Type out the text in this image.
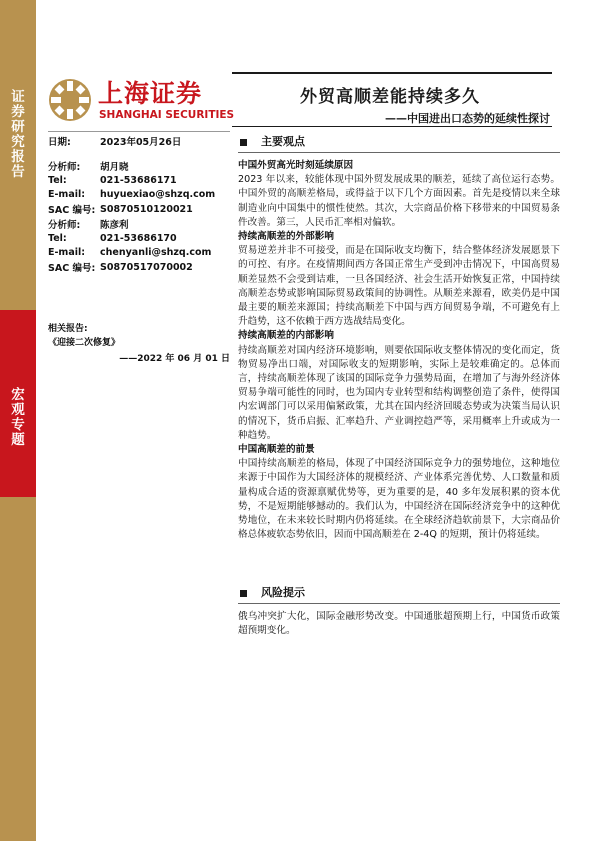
证券研究报告
宏观专题
上海证券
SHANGHAI SECURITIES
外贸高顺差能持续多久
——中国进出口态势的延续性探讨
日期:	2023年05月26日
分析师:	胡月晓
Tel:	021-53686171
E-mail:	huyuexiao@shzq.com
SAC 编号: S0870510120021
分析师:	陈彦利
Tel:	021-53686170
E-mail:	chenyanli@shzq.com
SAC 编号: S0870517070002
相关报告:
《迎接二次修复》
——2022 年 06 月 01 日
主要观点
中国外贸高光时刻延续原因
2023 年以来，较能体现中国外贸发展成果的顺差，延续了高位运行态势。中国外贸的高顺差格局，或得益于以下几个方面因素。首先是疫情以来全球制造业向中国集中的惯性使然。其次，大宗商品价格下移带来的中国贸易条件改善。第三，人民币汇率相对偏软。
持续高顺差的外部影响
贸易逆差并非不可接受，而是在国际收支均衡下，结合整体经济发展愿景下的可控、有序。在疫情期间西方各国正常生产受到冲击情况下，中国高贸易顺差显然不会受到诘难，一旦各国经济、社会生活开始恢复正常，中国持续高顺差态势或影响国际贸易政策间的协调性。从顺差来源看，欧美仍是中国最主要的顺差来源国；持续高顺差下中国与西方间贸易争端，不可避免有上升趋势，这不依赖于西方选战结局变化。
持续高顺差的内部影响
持续高顺差对国内经济环境影响，则要依国际收支整体情况的变化而定，货物贸易净出口端，对国际收支的短期影响，实际上是较难确定的。总体而言，持续高顺差体现了该国的国际竞争力强势局面，在增加了与海外经济体贸易争端可能性的同时，也为国内专业转型和结构调整创造了条件，使得国内宏调部门可以采用偏紧政策，尤其在国内经济回暖态势或为决策当局认识的情况下，货币启振、汇率趋升、产业调控趋严等，采用概率上升或成为一种趋势。
中国高顺差的前景
中国持续高顺差的格局，体现了中国经济国际竞争力的强势地位，这种地位来源于中国作为大国经济体的规模经济、产业体系完善优势、人口数量和质量构成合适的资源禀赋优势等，更为重要的是，40 多年发展积累的资本优势，不是短期能够撼动的。我们认为，中国经济在国际经济竞争中的这种优势地位，在未来较长时期内仍将延续。在全球经济趋软前景下，大宗商品价格总体疲软态势依旧，因而中国高顺差在 2-4Q 的短期，预计仍将延续。
风险提示
俄乌冲突扩大化，国际金融形势改变。中国通胀超预期上行，中国货币政策超预期变化。
